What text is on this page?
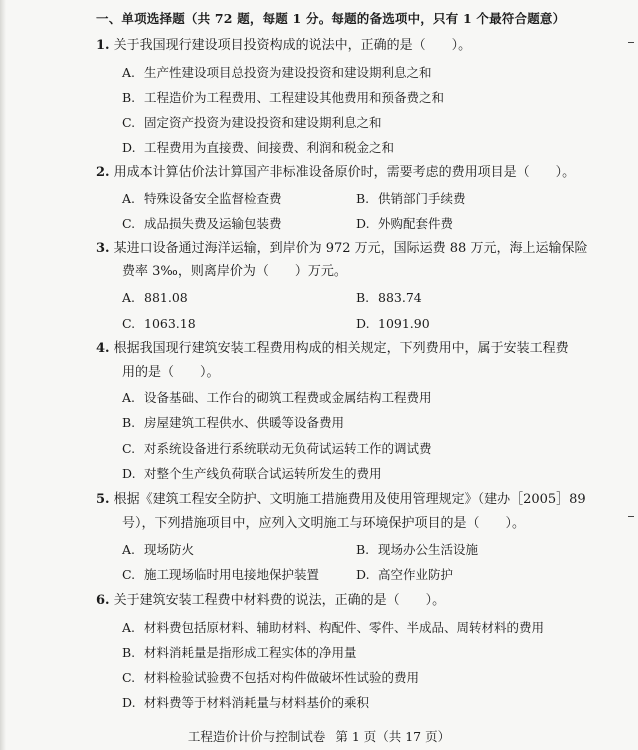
一、单项选择题（共 72 题，每题 1 分。每题的备选项中，只有 1 个最符合题意）
1. 关于我国现行建设项目投资构成的说法中，正确的是（　　）。
A. 生产性建设项目总投资为建设投资和建设期利息之和
B. 工程造价为工程费用、工程建设其他费用和预备费之和
C. 固定资产投资为建设投资和建设期利息之和
D. 工程费用为直接费、间接费、利润和税金之和
2. 用成本计算估价法计算国产非标准设备原价时，需要考虑的费用项目是（　　）。
A. 特殊设备安全监督检查费	B. 供销部门手续费
C. 成品损失费及运输包装费	D. 外购配套件费
3. 某进口设备通过海洋运输，到岸价为 972 万元，国际运费 88 万元，海上运输保险
费率 3‰，则离岸价为（　　）万元。
A. 881.08	B. 883.74
C. 1063.18	D. 1091.90
4. 根据我国现行建筑安装工程费用构成的相关规定，下列费用中，属于安装工程费
用的是（　　）。
A. 设备基础、工作台的砌筑工程费或金属结构工程费用
B. 房屋建筑工程供水、供暖等设备费用
C. 对系统设备进行系统联动无负荷试运转工作的调试费
D. 对整个生产线负荷联合试运转所发生的费用
5. 根据《建筑工程安全防护、文明施工措施费用及使用管理规定》（建办［2005］89
号），下列措施项目中，应列入文明施工与环境保护项目的是（　　）。
A. 现场防火	B. 现场办公生活设施
C. 施工现场临时用电接地保护装置	D. 高空作业防护
6. 关于建筑安装工程费中材料费的说法，正确的是（　　）。
A. 材料费包括原材料、辅助材料、构配件、零件、半成品、周转材料的费用
B. 材料消耗量是指形成工程实体的净用量
C. 材料检验试验费不包括对构件做破坏性试验的费用
D. 材料费等于材料消耗量与材料基价的乘积
工程造价计价与控制试卷 第 1 页（共 17 页）
